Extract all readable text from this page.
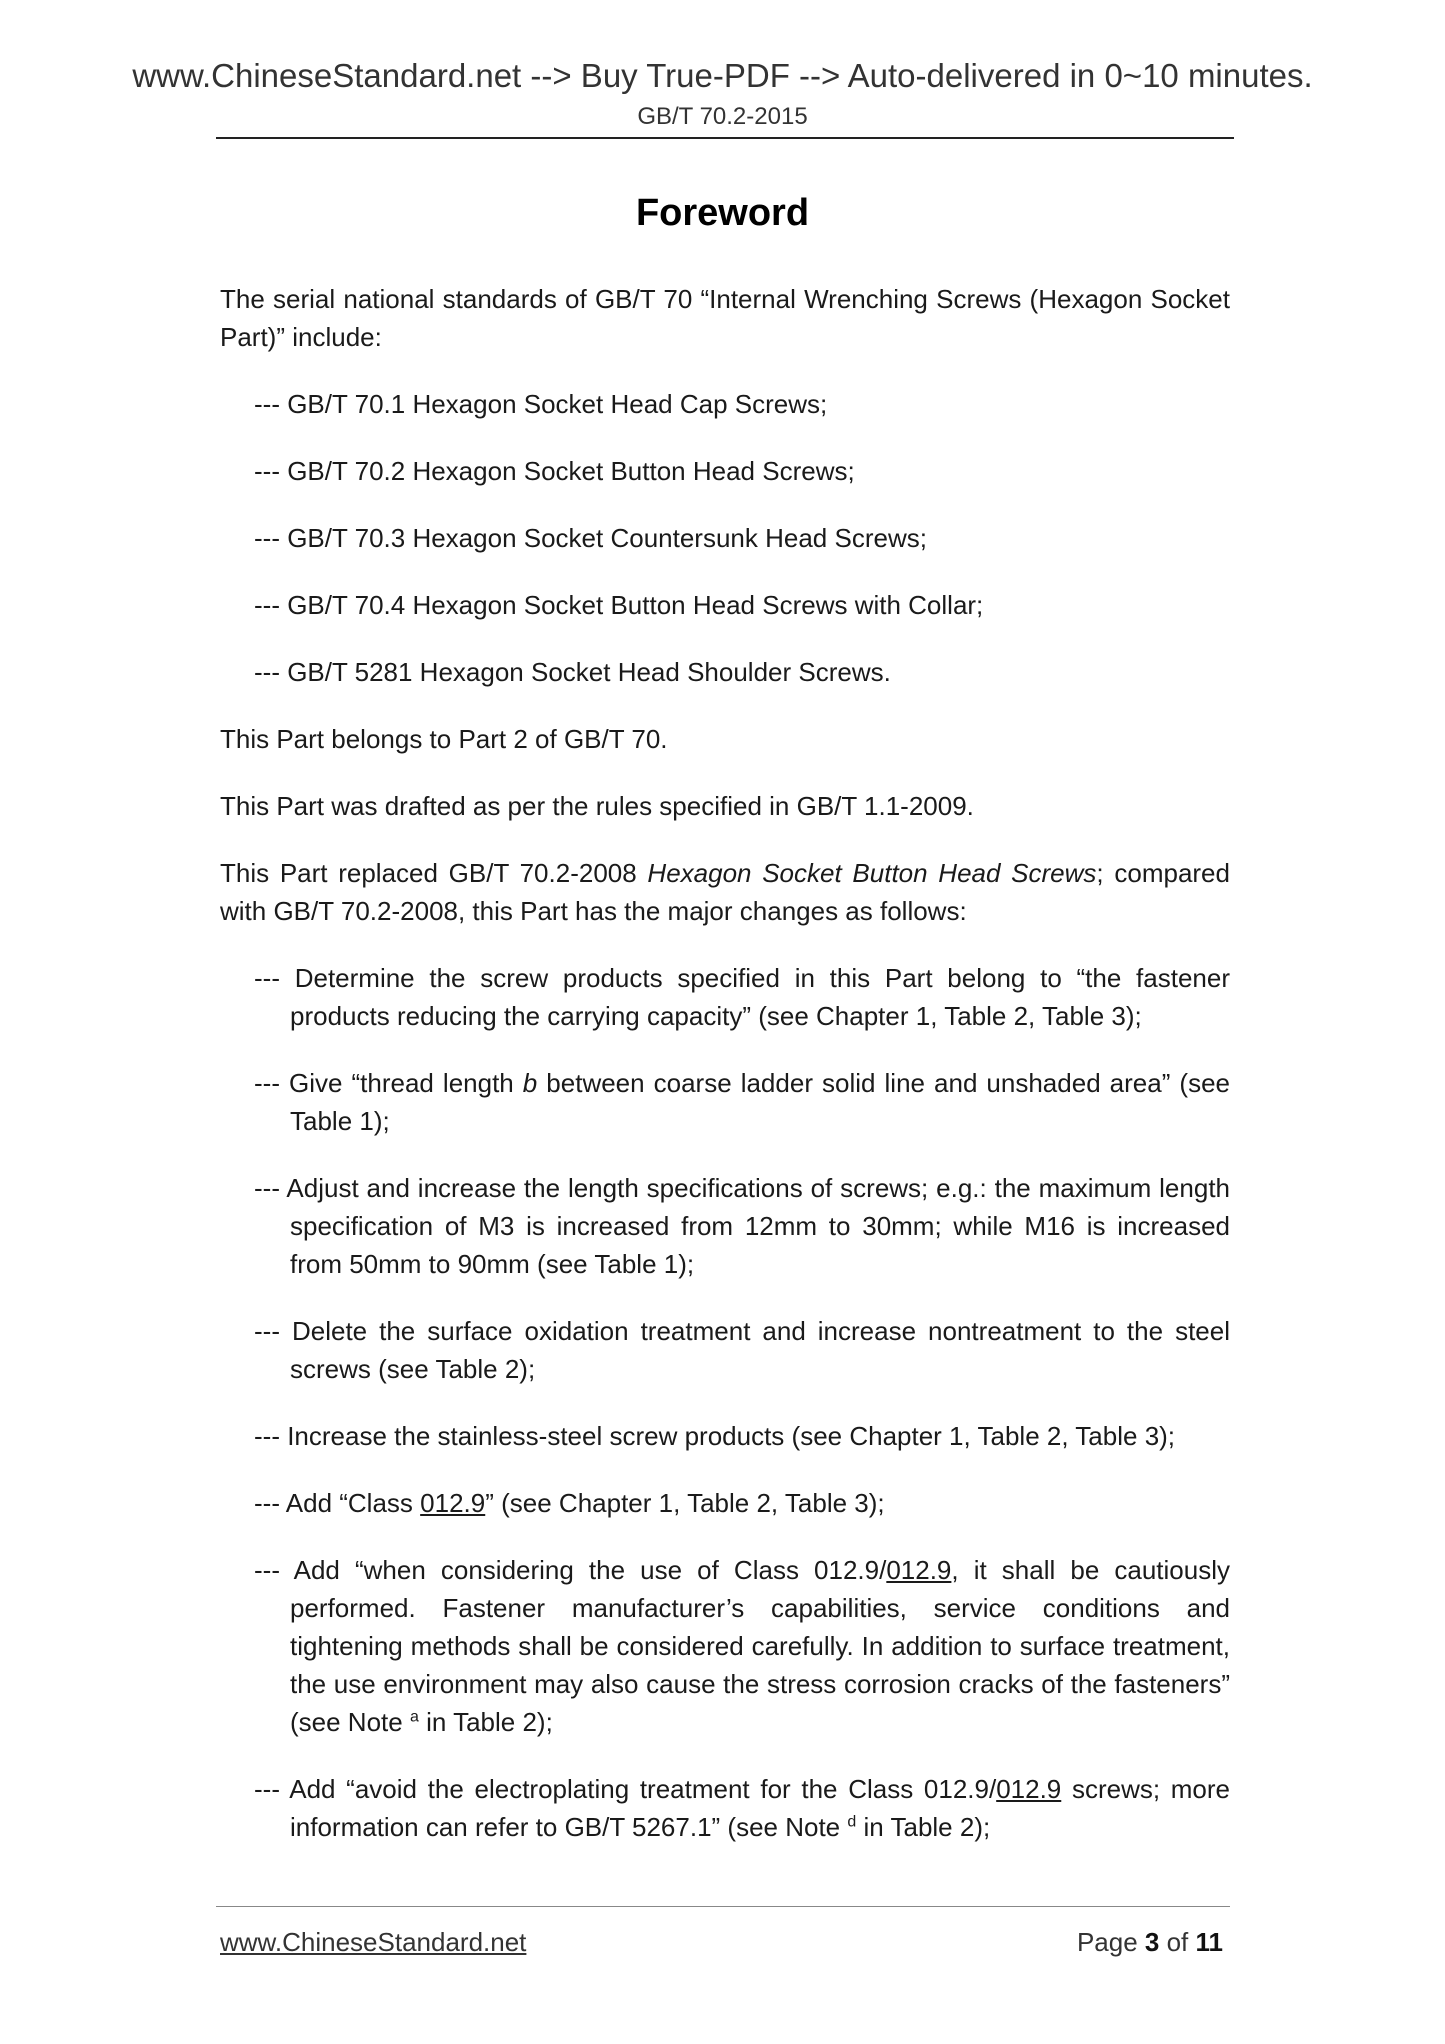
www.ChineseStandard.net --> Buy True-PDF --> Auto-delivered in 0~10 minutes.
GB/T 70.2-2015
Foreword

The serial national standards of GB/T 70 “Internal Wrenching Screws (Hexagon Socket Part)” include:

--- GB/T 70.1 Hexagon Socket Head Cap Screws;

--- GB/T 70.2 Hexagon Socket Button Head Screws;

--- GB/T 70.3 Hexagon Socket Countersunk Head Screws;

--- GB/T 70.4 Hexagon Socket Button Head Screws with Collar;

--- GB/T 5281 Hexagon Socket Head Shoulder Screws.

This Part belongs to Part 2 of GB/T 70.

This Part was drafted as per the rules specified in GB/T 1.1-2009.

This Part replaced GB/T 70.2-2008 Hexagon Socket Button Head Screws; compared with GB/T 70.2-2008, this Part has the major changes as follows:

--- Determine the screw products specified in this Part belong to “the fastener products reducing the carrying capacity” (see Chapter 1, Table 2, Table 3);

--- Give “thread length b between coarse ladder solid line and unshaded area” (see Table 1);

--- Adjust and increase the length specifications of screws; e.g.: the maximum length specification of M3 is increased from 12mm to 30mm; while M16 is increased from 50mm to 90mm (see Table 1);

--- Delete the surface oxidation treatment and increase nontreatment to the steel screws (see Table 2);

--- Increase the stainless-steel screw products (see Chapter 1, Table 2, Table 3);

--- Add “Class 012.9” (see Chapter 1, Table 2, Table 3);

--- Add “when considering the use of Class 012.9/012.9, it shall be cautiously performed. Fastener manufacturer’s capabilities, service conditions and tightening methods shall be considered carefully. In addition to surface treatment, the use environment may also cause the stress corrosion cracks of the fasteners” (see Note $^a$ in Table 2);

--- Add “avoid the electroplating treatment for the Class 012.9/012.9 screws; more information can refer to GB/T 5267.1” (see Note $^d$ in Table 2);

www.ChineseStandard.net	Page 3 of 11
